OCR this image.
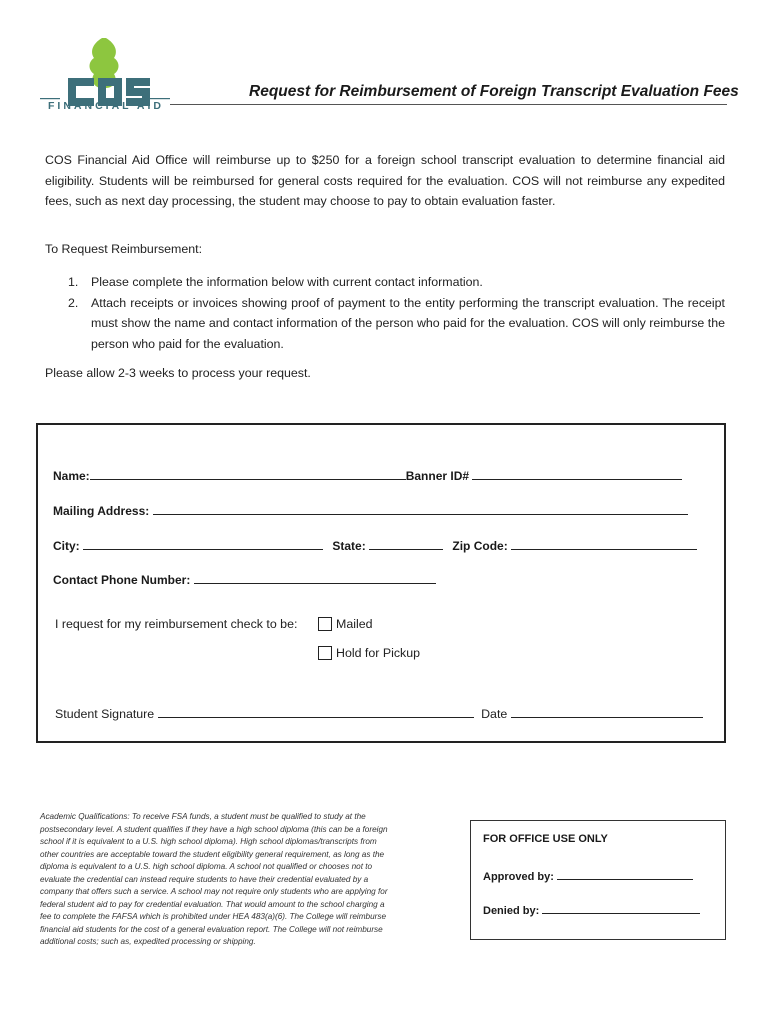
FINANCIAL AID
Request for Reimbursement of Foreign Transcript Evaluation Fees

COS Financial Aid Office will reimburse up to $250 for a foreign school transcript evaluation to determine financial aid eligibility. Students will be reimbursed for general costs required for the evaluation. COS will not reimburse any expedited fees, such as next day processing, the student may choose to pay to obtain evaluation faster.

To Request Reimbursement:

1. Please complete the information below with current contact information.
2. Attach receipts or invoices showing proof of payment to the entity performing the transcript evaluation. The receipt must show the name and contact information of the person who paid for the evaluation. COS will only reimburse the person who paid for the evaluation.

Please allow 2-3 weeks to process your request.

Name:	Banner ID#
Mailing Address:
City:	State:	Zip Code:
Contact Phone Number:
I request for my reimbursement check to be:	Mailed
Hold for Pickup
Student Signature	Date

Academic Qualifications: To receive FSA funds, a student must be qualified to study at the postsecondary level. A student qualifies if they have a high school diploma (this can be a foreign school if it is equivalent to a U.S. high school diploma). High school diplomas/transcripts from other countries are acceptable toward the student eligibility general requirement, as long as the diploma is equivalent to a U.S. high school diploma. A school not qualified or chooses not to evaluate the credential can instead require students to have their credential evaluated by a company that offers such a service. A school may not require only students who are applying for federal student aid to pay for credential evaluation. That would amount to the school charging a fee to complete the FAFSA which is prohibited under HEA 483(a)(6). The College will reimburse financial aid students for the cost of a general evaluation report. The College will not reimburse additional costs; such as, expedited processing or shipping.

FOR OFFICE USE ONLY
Approved by:
Denied by:
